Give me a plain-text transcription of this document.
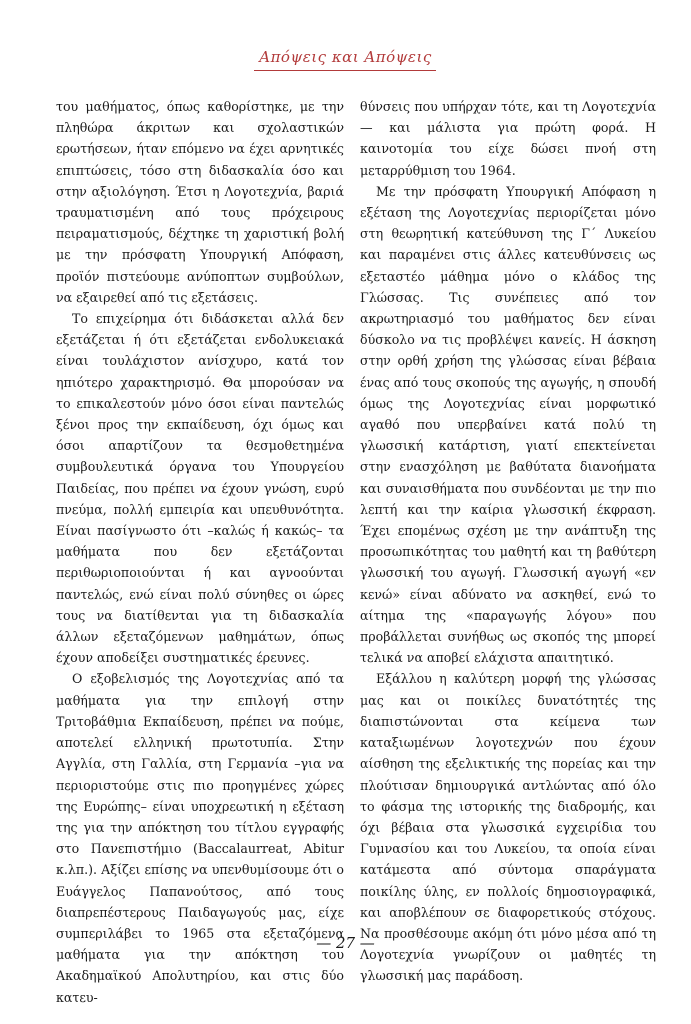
Απόψεις και Απόψεις

του μαθήματος, όπως καθορίστηκε, με την πληθώρα άκριτων και σχολαστικών ερωτήσεων, ήταν επόμενο να έχει αρνητικές επιπτώσεις, τόσο στη διδασκαλία όσο και στην αξιολόγηση. Έτσι η Λογοτεχνία, βαριά τραυματισμένη από τους πρόχειρους πειραματισμούς, δέχτηκε τη χαριστική βολή με την πρόσφατη Υπουργική Απόφαση, προϊόν πιστεύουμε ανύποπτων συμβούλων, να εξαιρεθεί από τις εξετάσεις.

Το επιχείρημα ότι διδάσκεται αλλά δεν εξετάζεται ή ότι εξετάζεται ενδολυκειακά είναι τουλάχιστον ανίσχυρο, κατά τον ηπιότερο χαρακτηρισμό. Θα μπορούσαν να το επικαλεστούν μόνο όσοι είναι παντελώς ξένοι προς την εκπαίδευση, όχι όμως και όσοι απαρτίζουν τα θεσμοθετημένα συμβουλευτικά όργανα του Υπουργείου Παιδείας, που πρέπει να έχουν γνώση, ευρύ πνεύμα, πολλή εμπειρία και υπευθυνότητα. Είναι πασίγνωστο ότι –καλώς ή κακώς– τα μαθήματα που δεν εξετάζονται περιθωριοποιούνται ή και αγνοούνται παντελώς, ενώ είναι πολύ σύνηθες οι ώρες τους να διατίθενται για τη διδασκαλία άλλων εξεταζόμενων μαθημάτων, όπως έχουν αποδείξει συστηματικές έρευνες.

Ο εξοβελισμός της Λογοτεχνίας από τα μαθήματα για την επιλογή στην Τριτοβάθμια Εκπαίδευση, πρέπει να πούμε, αποτελεί ελληνική πρωτοτυπία. Στην Αγγλία, στη Γαλλία, στη Γερμανία –για να περιοριστούμε στις πιο προηγμένες χώρες της Ευρώπης– είναι υποχρεωτική η εξέταση της για την απόκτηση του τίτλου εγγραφής στο Πανεπιστήμιο (Baccalaurreat, Abitur κ.λπ.). Αξίζει επίσης να υπενθυμίσουμε ότι ο Ευάγγελος Παπανούτσος, από τους διαπρεπέστερους Παιδαγωγούς μας, είχε συμπεριλάβει το 1965 στα εξεταζόμενα μαθήματα για την απόκτηση του Ακαδημαϊκού Απολυτηρίου, και στις δύο κατευ-

θύνσεις που υπήρχαν τότε, και τη Λογοτεχνία — και μάλιστα για πρώτη φορά. Η καινοτομία του είχε δώσει πνοή στη μεταρρύθμιση του 1964.

Με την πρόσφατη Υπουργική Απόφαση η εξέταση της Λογοτεχνίας περιορίζεται μόνο στη θεωρητική κατεύθυνση της Γ΄ Λυκείου και παραμένει στις άλλες κατευθύνσεις ως εξεταστέο μάθημα μόνο ο κλάδος της Γλώσσας. Τις συνέπειες από τον ακρωτηριασμό του μαθήματος δεν είναι δύσκολο να τις προβλέψει κανείς. Η άσκηση στην ορθή χρήση της γλώσσας είναι βέβαια ένας από τους σκοπούς της αγωγής, η σπουδή όμως της Λογοτεχνίας είναι μορφωτικό αγαθό που υπερβαίνει κατά πολύ τη γλωσσική κατάρτιση, γιατί επεκτείνεται στην ενασχόληση με βαθύτατα διανοήματα και συναισθήματα που συνδέονται με την πιο λεπτή και την καίρια γλωσσική έκφραση. Έχει επομένως σχέση με την ανάπτυξη της προσωπικότητας του μαθητή και τη βαθύτερη γλωσσική του αγωγή. Γλωσσική αγωγή «εν κενώ» είναι αδύνατο να ασκηθεί, ενώ το αίτημα της «παραγωγής λόγου» που προβάλλεται συνήθως ως σκοπός της μπορεί τελικά να αποβεί ελάχιστα απαιτητικό.

Εξάλλου η καλύτερη μορφή της γλώσσας μας και οι ποικίλες δυνατότητές της διαπιστώνονται στα κείμενα των καταξιωμένων λογοτεχνών που έχουν αίσθηση της εξελικτικής της πορείας και την πλούτισαν δημιουργικά αντλώντας από όλο το φάσμα της ιστορικής της διαδρομής, και όχι βέβαια στα γλωσσικά εγχειρίδια του Γυμνασίου και του Λυκείου, τα οποία είναι κατάμεστα από σύντομα σπαράγματα ποικίλης ύλης, εν πολλοίς δημοσιογραφικά, και αποβλέπουν σε διαφορετικούς στόχους. Να προσθέσουμε ακόμη ότι μόνο μέσα από τη Λογοτεχνία γνωρίζουν οι μαθητές τη γλωσσική μας παράδοση.

— 27 —
